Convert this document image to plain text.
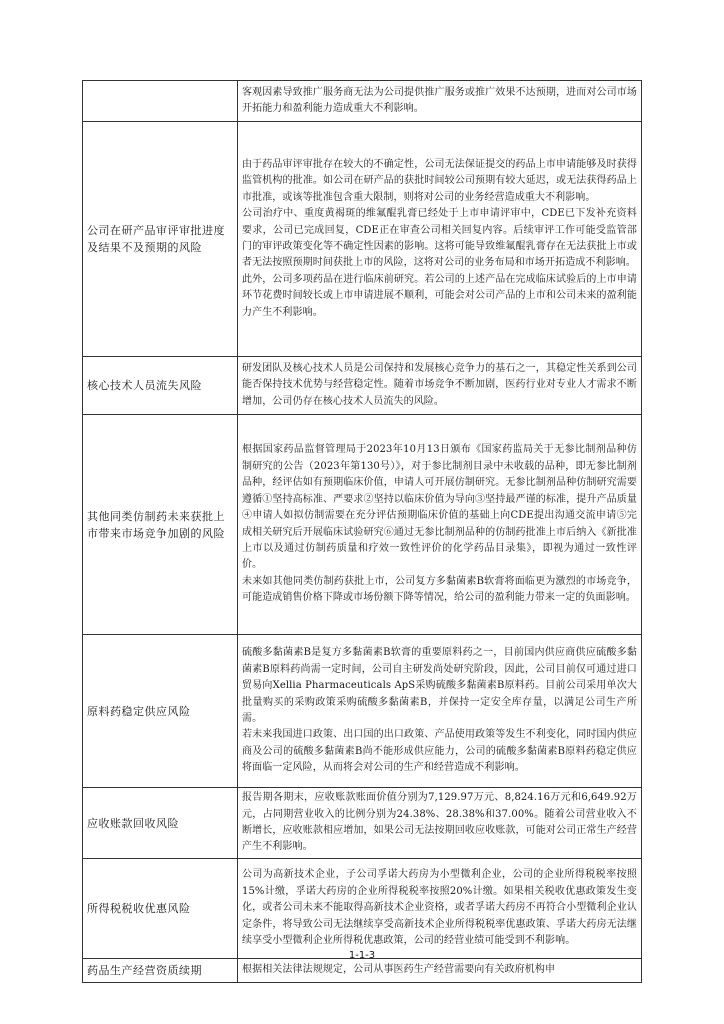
	客观因素导致推广服务商无法为公司提供推广服务或推广效果不达预期，进而对公司市场开拓能力和盈利能力造成重大不利影响。

公司在研产品审评审批进度及结果不及预期的风险	由于药品审评审批存在较大的不确定性，公司无法保证提交的药品上市申请能够及时获得监管机构的批准。如公司在研产品的获批时间较公司预期有较大延迟，或无法获得药品上市批准，或该等批准包含重大限制，则将对公司的业务经营造成重大不利影响。

公司治疗中、重度黄褐斑的维氟醌乳膏已经处于上市申请评审中，CDE已下发补充资料要求，公司已完成回复，CDE正在审查公司相关回复内容。后续审评工作可能受监管部门的审评政策变化等不确定性因素的影响。这将可能导致维氟醌乳膏存在无法获批上市或者无法按照预期时间获批上市的风险，这将对公司的业务布局和市场开拓造成不利影响。

此外，公司多项药品在进行临床前研究。若公司的上述产品在完成临床试验后的上市申请环节花费时间较长或上市申请进展不顺利，可能会对公司产品的上市和公司未来的盈利能力产生不利影响。

核心技术人员流失风险	研发团队及核心技术人员是公司保持和发展核心竞争力的基石之一，其稳定性关系到公司能否保持技术优势与经营稳定性。随着市场竞争不断加剧，医药行业对专业人才需求不断增加，公司仍存在核心技术人员流失的风险。

其他同类仿制药未来获批上市带来市场竞争加剧的风险	根据国家药品监督管理局于2023年10月13日颁布《国家药监局关于无参比制剂品种仿制研究的公告（2023年第130号）》，对于参比制剂目录中未收载的品种，即无参比制剂品种，经评估如有预期临床价值，申请人可开展仿制研究。无参比制剂品种仿制研究需要遵循①坚持高标准、严要求②坚持以临床价值为导向③坚持最严谨的标准，提升产品质量④申请人如拟仿制需要在充分评估预期临床价值的基础上向CDE提出沟通交流申请⑤完成相关研究后开展临床试验研究⑥通过无参比制剂品种的仿制药批准上市后纳入《新批准上市以及通过仿制药质量和疗效一致性评价的化学药品目录集》，即视为通过一致性评价。

未来如其他同类仿制药获批上市，公司复方多黏菌素B软膏将面临更为激烈的市场竞争，可能造成销售价格下降或市场份额下降等情况，给公司的盈利能力带来一定的负面影响。

原料药稳定供应风险	硫酸多黏菌素B是复方多黏菌素B软膏的重要原料药之一，目前国内供应商供应硫酸多黏菌素B原料药尚需一定时间，公司自主研发尚处研究阶段，因此，公司目前仅可通过进口贸易向Xellia Pharmaceuticals ApS采购硫酸多黏菌素B原料药。目前公司采用单次大批量购买的采购政策采购硫酸多黏菌素B，并保持一定安全库存量，以满足公司生产所需。

若未来我国进口政策、出口国的出口政策、产品使用政策等发生不利变化，同时国内供应商及公司的硫酸多黏菌素B尚不能形成供应能力，公司的硫酸多黏菌素B原料药稳定供应将面临一定风险，从而将会对公司的生产和经营造成不利影响。

应收账款回收风险	报告期各期末，应收账款账面价值分别为7,129.97万元、8,824.16万元和6,649.92万元，占同期营业收入的比例分别为24.38%、28.38%和37.00%。随着公司营业收入不断增长，应收账款相应增加，如果公司无法按期回收应收账款，可能对公司正常生产经营产生不利影响。

所得税税收优惠风险	公司为高新技术企业，子公司孚诺大药房为小型微利企业，公司的企业所得税税率按照15%计缴，孚诺大药房的企业所得税税率按照20%计缴。如果相关税收优惠政策发生变化，或者公司未来不能取得高新技术企业资格，或者孚诺大药房不再符合小型微利企业认定条件，将导致公司无法继续享受高新技术企业所得税税率优惠政策、孚诺大药房无法继续享受小型微利企业所得税优惠政策，公司的经营业绩可能受到不利影响。

药品生产经营资质续期	根据相关法律法规规定，公司从事医药生产经营需要向有关政府机构申

1-1-3
